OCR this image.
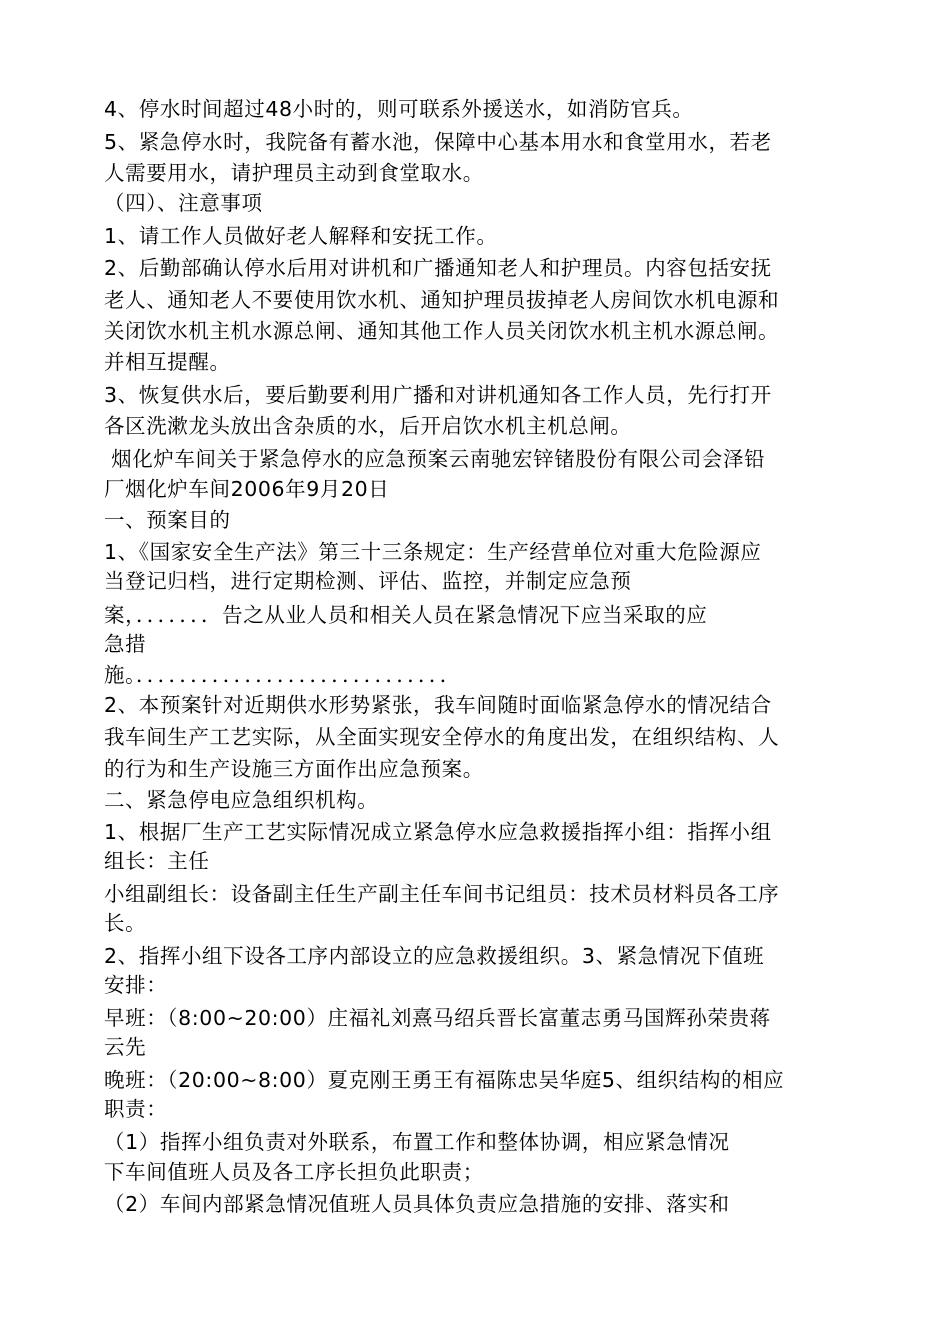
4、停水时间超过48小时的，则可联系外援送水，如消防官兵。
5、紧急停水时，我院备有蓄水池，保障中心基本用水和食堂用水，若老
人需要用水，请护理员主动到食堂取水。
（四）、注意事项
1、请工作人员做好老人解释和安抚工作。
2、后勤部确认停水后用对讲机和广播通知老人和护理员。内容包括安抚
老人、通知老人不要使用饮水机、通知护理员拔掉老人房间饮水机电源和
关闭饮水机主机水源总闸、通知其他工作人员关闭饮水机主机水源总闸。
并相互提醒。
3、恢复供水后，要后勤要利用广播和对讲机通知各工作人员，先行打开
各区洗漱龙头放出含杂质的水，后开启饮水机主机总闸。
烟化炉车间关于紧急停水的应急预案云南驰宏锌锗股份有限公司会泽铅
厂烟化炉车间2006年9月20日
一、预案目的
1、《国家安全生产法》第三十三条规定：生产经营单位对重大危险源应
当登记归档，进行定期检测、评估、监控，并制定应急预
案，．．．．．．．告之从业人员和相关人员在紧急情况下应当采取的应
急措
施。．．．．．．．．．．．．．．．．．．．．．．．．．．．．．
2、本预案针对近期供水形势紧张，我车间随时面临紧急停水的情况结合
我车间生产工艺实际，从全面实现安全停水的角度出发，在组织结构、人
的行为和生产设施三方面作出应急预案。
二、紧急停电应急组织机构。
1、根据厂生产工艺实际情况成立紧急停水应急救援指挥小组：指挥小组
组长：主任
小组副组长：设备副主任生产副主任车间书记组员：技术员材料员各工序
长。
2、指挥小组下设各工序内部设立的应急救援组织。3、紧急情况下值班
安排：
早班：（8:00~20:00）庄福礼刘熹马绍兵晋长富董志勇马国辉孙荣贵蒋
云先
晚班：（20:00~8:00）夏克刚王勇王有福陈忠吴华庭5、组织结构的相应
职责：
（1）指挥小组负责对外联系，布置工作和整体协调，相应紧急情况
下车间值班人员及各工序长担负此职责；
（2）车间内部紧急情况值班人员具体负责应急措施的安排、落实和
